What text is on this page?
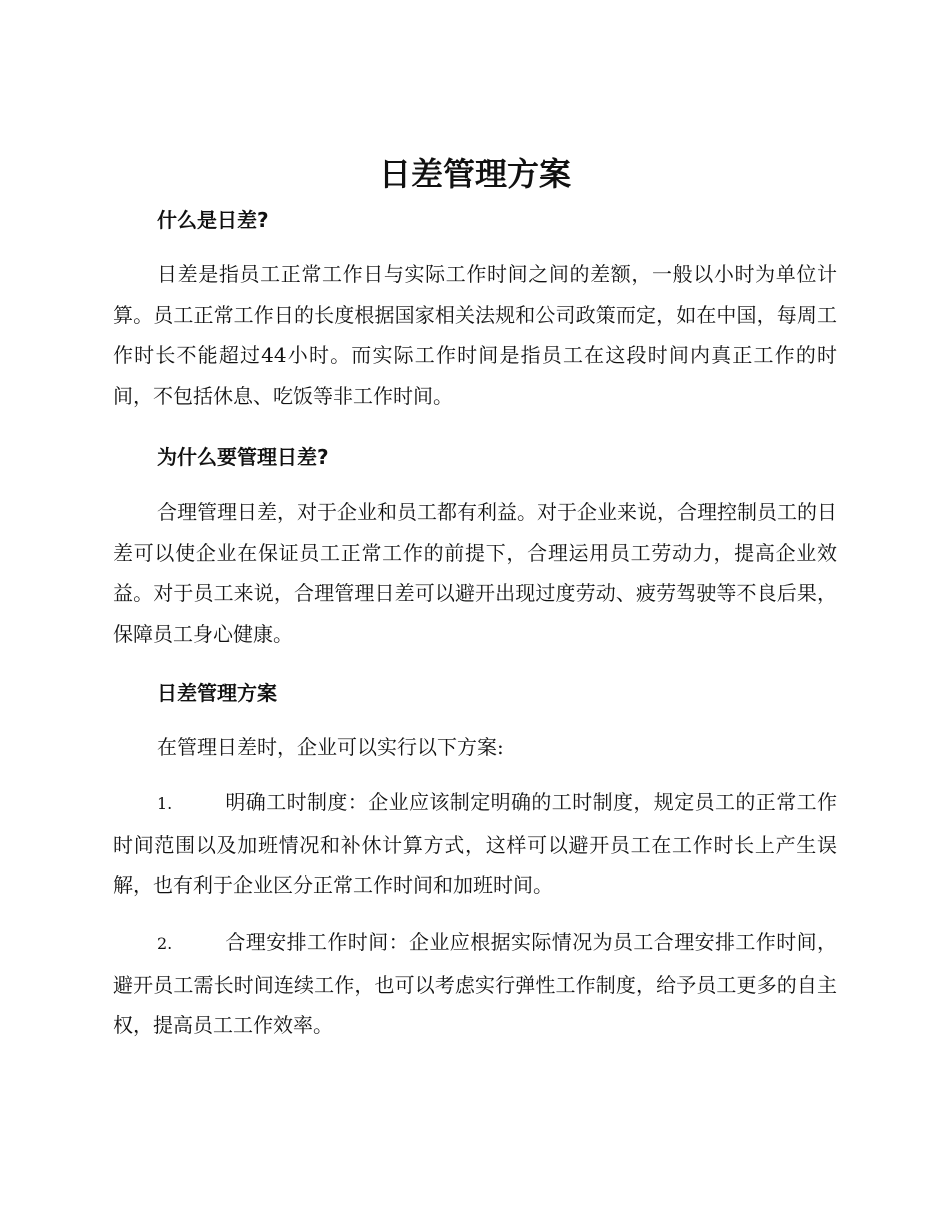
日差管理方案
什么是日差?

日差是指员工正常工作日与实际工作时间之间的差额，一般以小时为单位计算。员工正常工作日的长度根据国家相关法规和公司政策而定，如在中国，每周工作时长不能超过44小时。而实际工作时间是指员工在这段时间内真正工作的时间，不包括休息、吃饭等非工作时间。

为什么要管理日差?

合理管理日差，对于企业和员工都有利益。对于企业来说，合理控制员工的日差可以使企业在保证员工正常工作的前提下，合理运用员工劳动力，提高企业效益。对于员工来说，合理管理日差可以避开出现过度劳动、疲劳驾驶等不良后果，保障员工身心健康。

日差管理方案

在管理日差时，企业可以实行以下方案:

1.	明确工时制度：企业应该制定明确的工时制度，规定员工的正常工作时间范围以及加班情况和补休计算方式，这样可以避开员工在工作时长上产生误解，也有利于企业区分正常工作时间和加班时间。

2.	合理安排工作时间：企业应根据实际情况为员工合理安排工作时间，避开员工需长时间连续工作，也可以考虑实行弹性工作制度，给予员工更多的自主权，提高员工工作效率。
